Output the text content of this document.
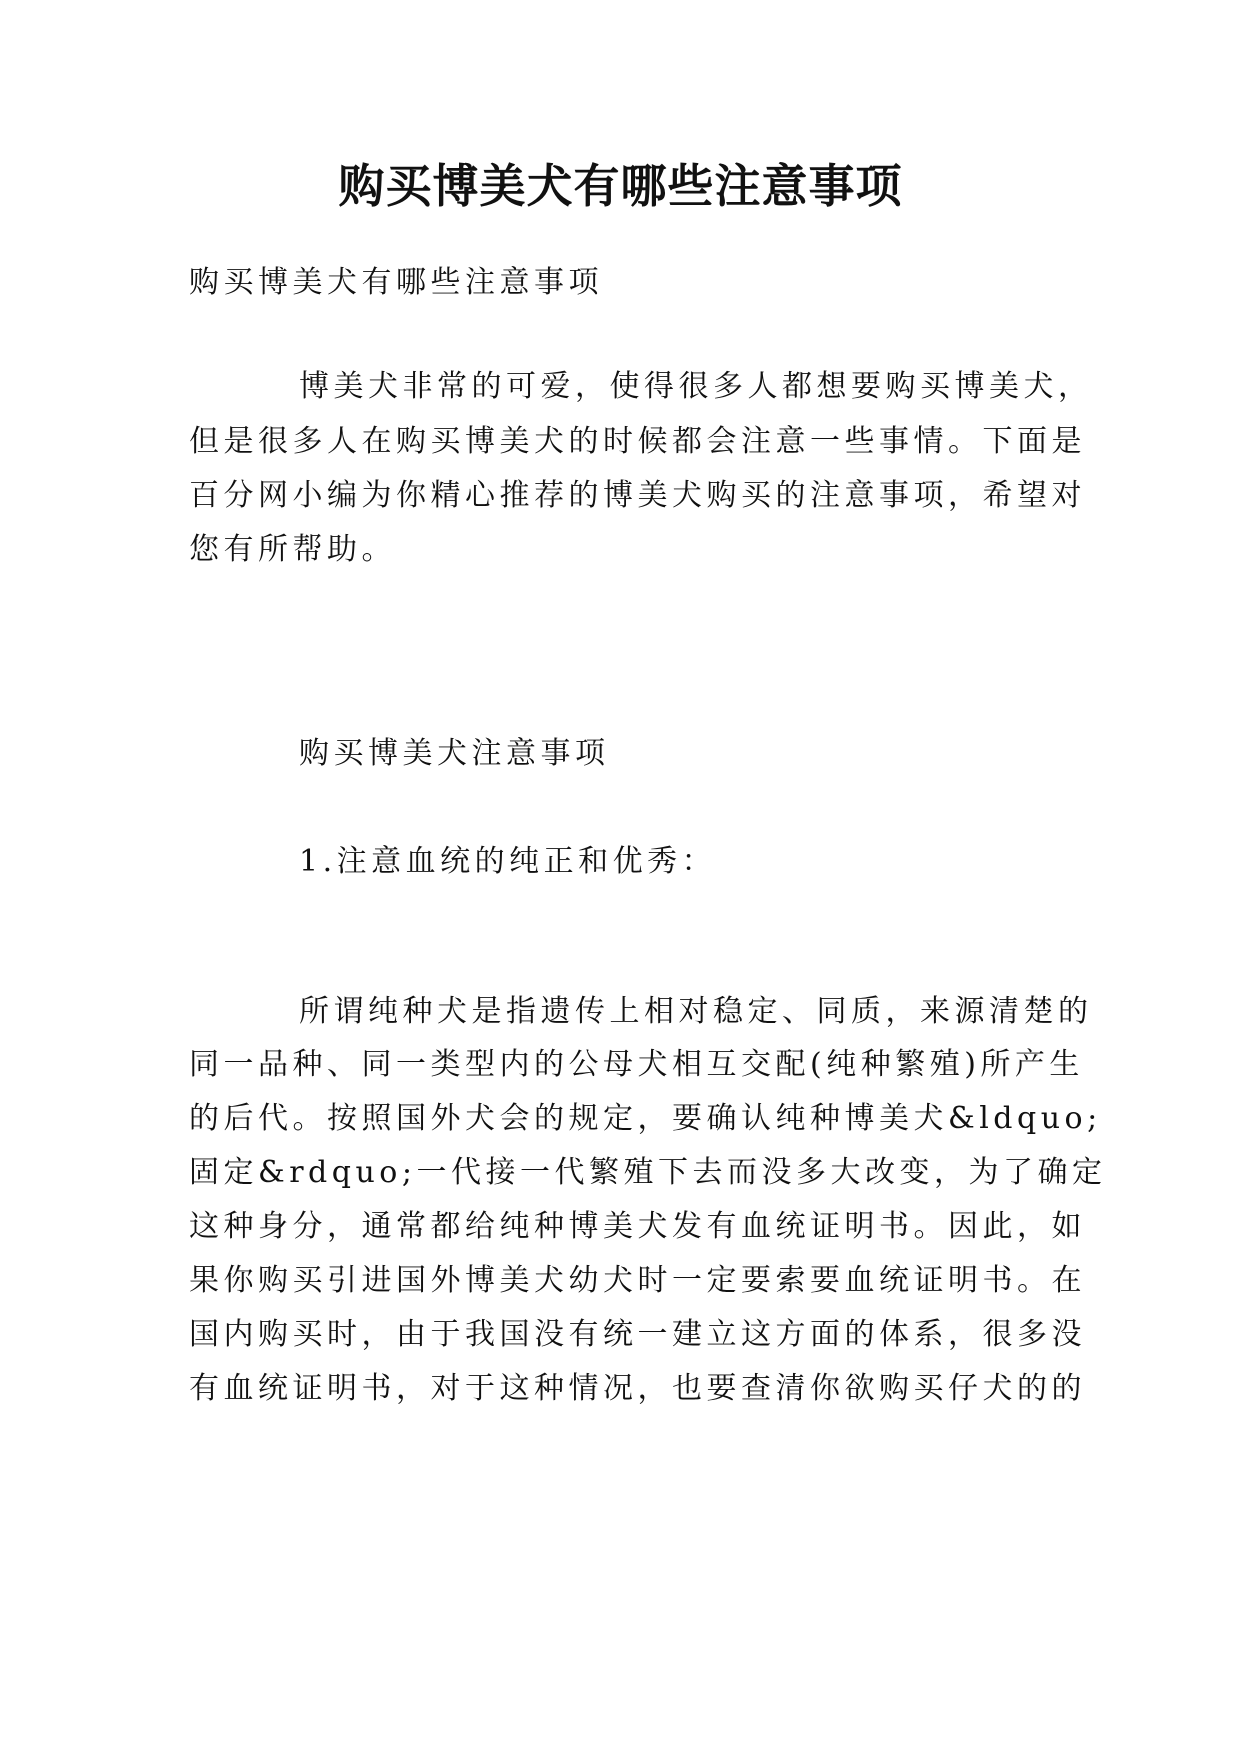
购买博美犬有哪些注意事项
购买博美犬有哪些注意事项
博美犬非常的可爱，使得很多人都想要购买博美犬，
但是很多人在购买博美犬的时候都会注意一些事情。下面是
百分网小编为你精心推荐的博美犬购买的注意事项，希望对
您有所帮助。
购买博美犬注意事项
1.注意血统的纯正和优秀：
所谓纯种犬是指遗传上相对稳定、同质，来源清楚的
同一品种、同一类型内的公母犬相互交配(纯种繁殖)所产生
的后代。按照国外犬会的规定，要确认纯种博美犬&ldquo;
固定&rdquo;一代接一代繁殖下去而没多大改变，为了确定
这种身分，通常都给纯种博美犬发有血统证明书。因此，如
果你购买引进国外博美犬幼犬时一定要索要血统证明书。在
国内购买时，由于我国没有统一建立这方面的体系，很多没
有血统证明书，对于这种情况，也要查清你欲购买仔犬的的
